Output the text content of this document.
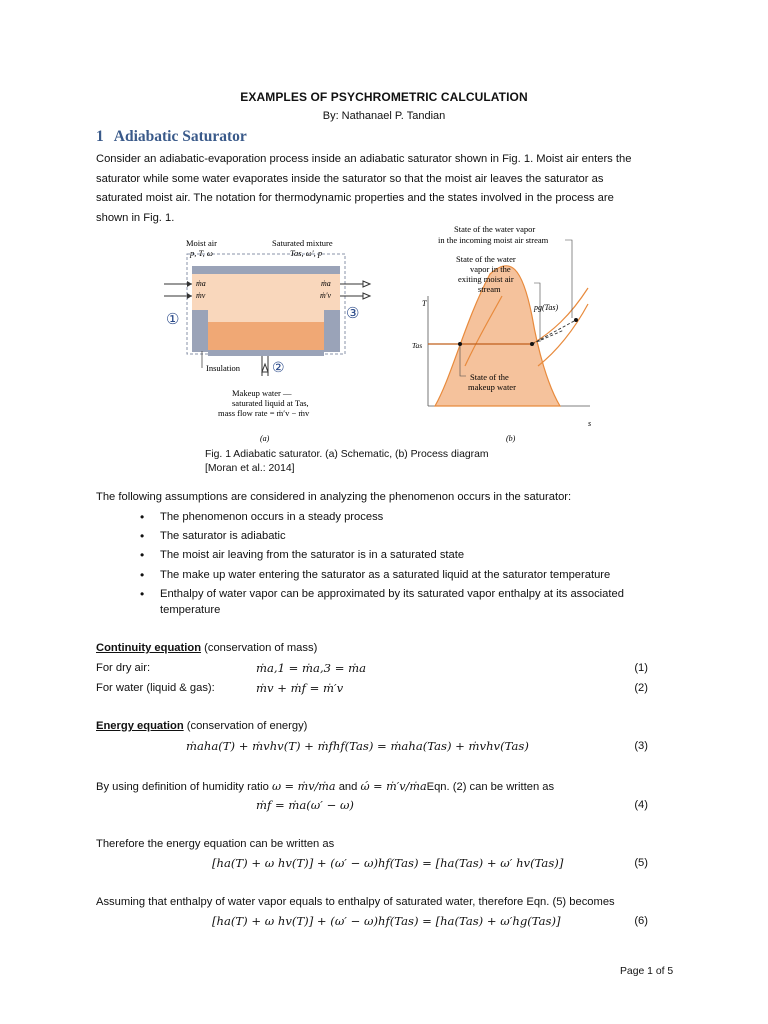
EXAMPLES OF PSYCHROMETRIC CALCULATION
By: Nathanael P. Tandian
1 Adiabatic Saturator
Consider an adiabatic-evaporation process inside an adiabatic saturator shown in Fig. 1. Moist air enters the
saturator while some water evaporates inside the saturator so that the moist air leaves the saturator as
saturated moist air. The notation for thermodynamic properties and the states involved in the process are
shown in Fig. 1.
Moist air
p, T, ω
Saturated mixture
Tas, ω′, p
ṁa
ṁv
ṁa
ṁ′v
①
②
③
Insulation
Makeup water —
saturated liquid at Tas,
mass flow rate = ṁ′v − ṁv
(a)
T
Tas
s
State of the water vapor
in the incoming moist air stream
State of the water
vapor in the
exiting moist air
stream
pg(Tas)
State of the
makeup water
(b)
Fig. 1 Adiabatic saturator. (a) Schematic, (b) Process diagram
[Moran et al.: 2014]
The following assumptions are considered in analyzing the phenomenon occurs in the saturator:
• The phenomenon occurs in a steady process
• The saturator is adiabatic
• The moist air leaving from the saturator is in a saturated state
• The make up water entering the saturator as a saturated liquid at the saturator temperature
• Enthalpy of water vapor can be approximated by its saturated vapor enthalpy at its associated
temperature
Continuity equation (conservation of mass)
For dry air:	ṁa,1 = ṁa,3 = ṁa	(1)
For water (liquid & gas):	ṁv + ṁf = ṁ′v	(2)
Energy equation (conservation of energy)
ṁaha(T) + ṁvhv(T) + ṁfhf(Tas) = ṁaha(Tas) + ṁvhv(Tas)	(3)
By using definition of humidity ratio ω = ṁv/ṁa and ώ = ṁ′v/ṁaEqn. (2) can be written as
ṁf = ṁa(ω′ − ω)	(4)
Therefore the energy equation can be written as
[ha(T) + ω hv(T)] + (ω′ − ω)hf(Tas) = [ha(Tas) + ω′ hv(Tas)]	(5)
Assuming that enthalpy of water vapor equals to enthalpy of saturated water, therefore Eqn. (5) becomes
[ha(T) + ω hv(T)] + (ω′ − ω)hf(Tas) = [ha(Tas) + ω′hg(Tas)]	(6)
Page 1 of 5
